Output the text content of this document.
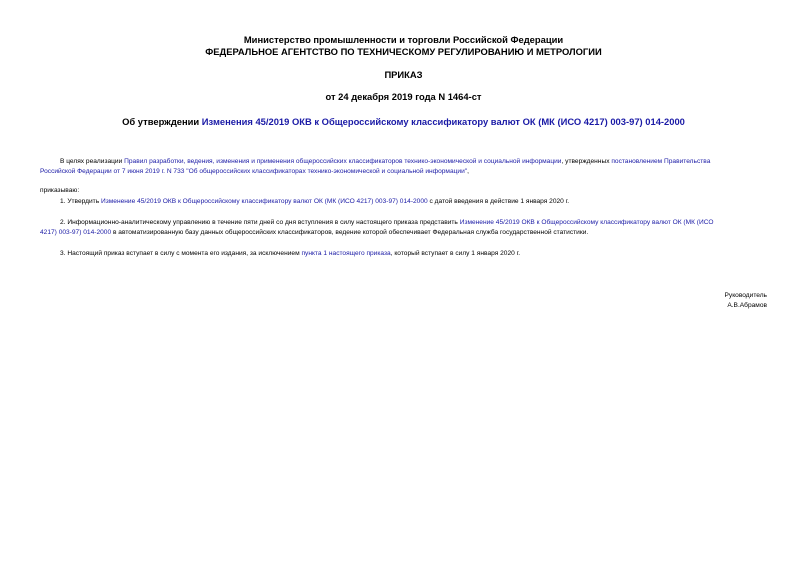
Министерство промышленности и торговли Российской Федерации
ФЕДЕРАЛЬНОЕ АГЕНТСТВО ПО ТЕХНИЧЕСКОМУ РЕГУЛИРОВАНИЮ И МЕТРОЛОГИИ
ПРИКАЗ
от 24 декабря 2019 года N 1464-ст
Об утверждении Изменения 45/2019 ОКВ к Общероссийскому классификатору валют ОК (МК (ИСО 4217) 003-97) 014-2000
В целях реализации Правил разработки, ведения, изменения и применения общероссийских классификаторов технико-экономической и социальной информации, утвержденных постановлением Правительства
Российской Федерации от 7 июня 2019 г. N 733 "Об общероссийских классификаторах технико-экономической и социальной информации",
приказываю:
1. Утвердить Изменение 45/2019 ОКВ к Общероссийскому классификатору валют ОК (МК (ИСО 4217) 003-97) 014-2000 с датой введения в действие 1 января 2020 г.
2. Информационно-аналитическому управлению в течение пяти дней со дня вступления в силу настоящего приказа представить Изменение 45/2019 ОКВ к Общероссийскому классификатору валют ОК (МК (ИСО
4217) 003-97) 014-2000 в автоматизированную базу данных общероссийских классификаторов, ведение которой обеспечивает Федеральная служба государственной статистики.
3. Настоящий приказ вступает в силу с момента его издания, за исключением пункта 1 настоящего приказа, который вступает в силу 1 января 2020 г.
Руководитель
А.В.Абрамов
